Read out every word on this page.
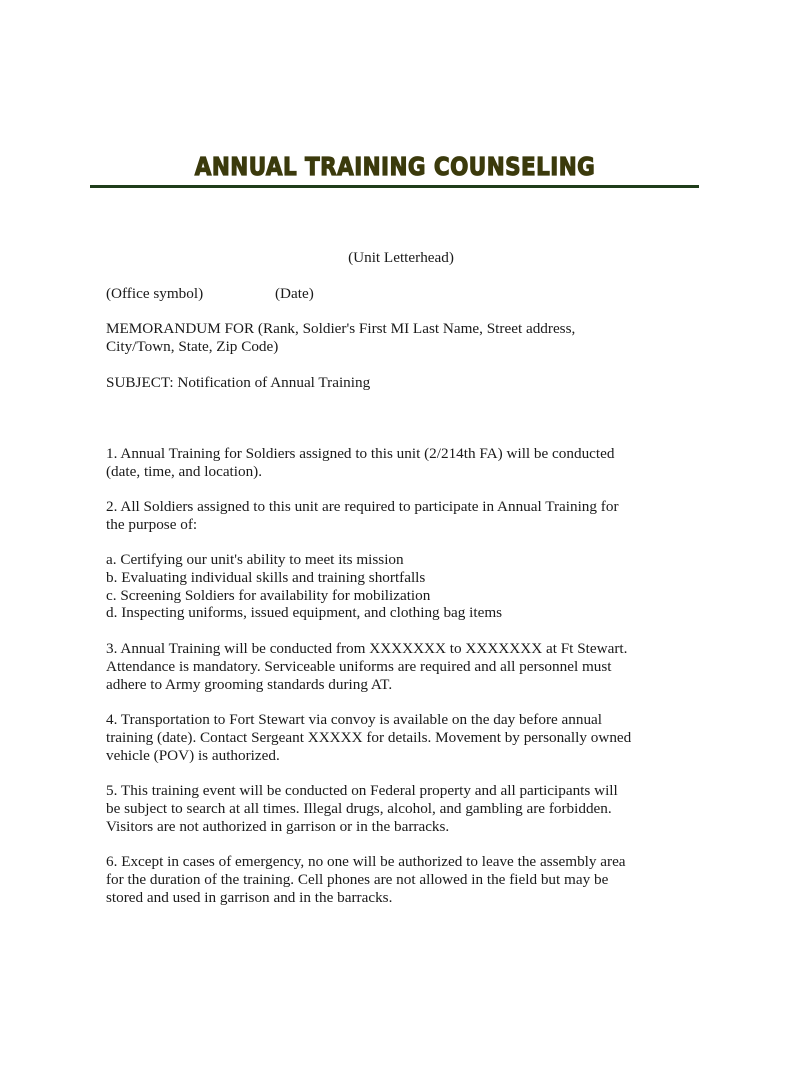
ANNUAL TRAINING COUNSELING
(Unit Letterhead)
(Office symbol)	(Date)
MEMORANDUM FOR (Rank, Soldier's First MI Last Name, Street address,
City/Town, State, Zip Code)
SUBJECT: Notification of Annual Training
1. Annual Training for Soldiers assigned to this unit (2/214th FA) will be conducted
(date, time, and location).
2. All Soldiers assigned to this unit are required to participate in Annual Training for
the purpose of:
a. Certifying our unit's ability to meet its mission
b. Evaluating individual skills and training shortfalls
c. Screening Soldiers for availability for mobilization
d. Inspecting uniforms, issued equipment, and clothing bag items
3. Annual Training will be conducted from XXXXXXX to XXXXXXX at Ft Stewart.
Attendance is mandatory. Serviceable uniforms are required and all personnel must
adhere to Army grooming standards during AT.
4. Transportation to Fort Stewart via convoy is available on the day before annual
training (date). Contact Sergeant XXXXX for details. Movement by personally owned
vehicle (POV) is authorized.
5. This training event will be conducted on Federal property and all participants will
be subject to search at all times. Illegal drugs, alcohol, and gambling are forbidden.
Visitors are not authorized in garrison or in the barracks.
6. Except in cases of emergency, no one will be authorized to leave the assembly area
for the duration of the training. Cell phones are not allowed in the field but may be
stored and used in garrison and in the barracks.
